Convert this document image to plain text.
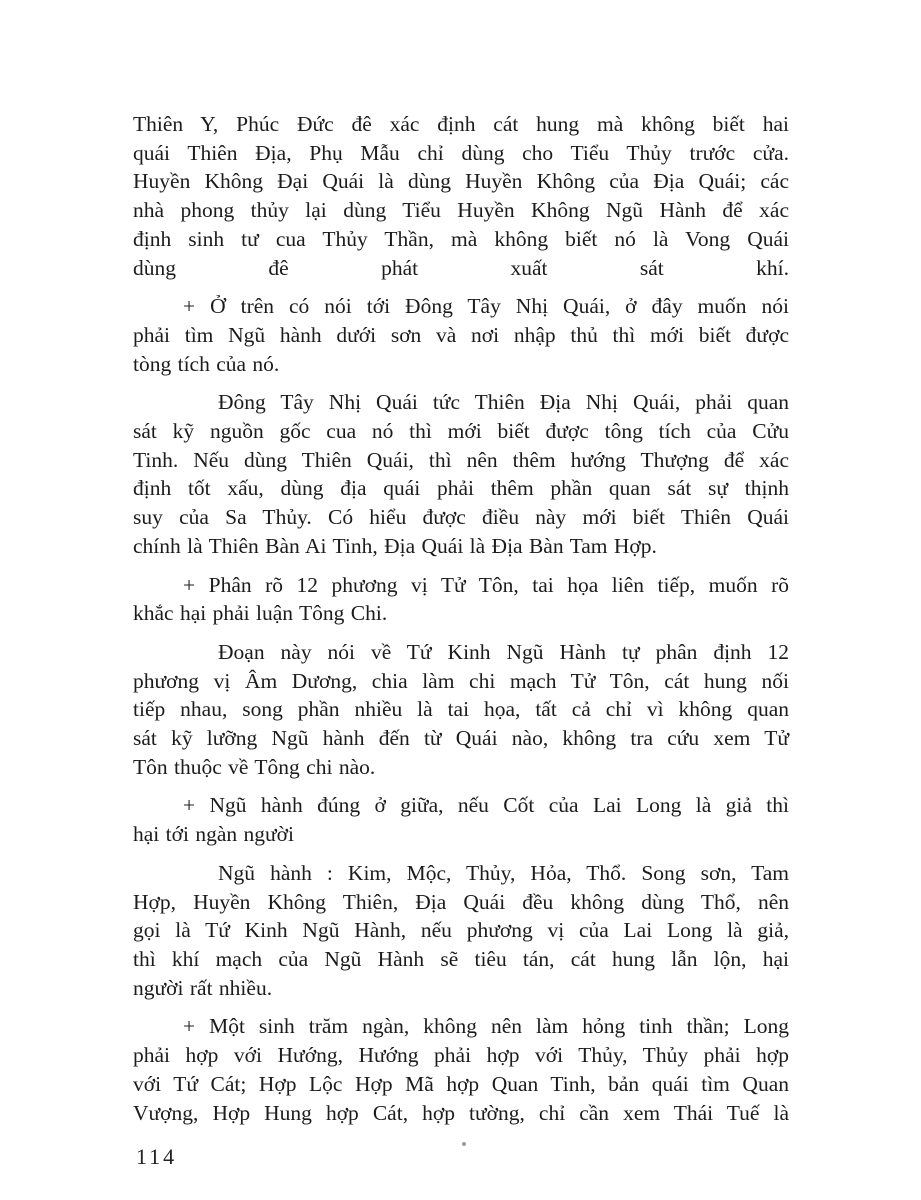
Thiên Y, Phúc Đức đê xác định cát hung mà không biết hai
quái Thiên Địa, Phụ Mẫu chỉ dùng cho Tiểu Thủy trước cửa.
Huyền Không Đại Quái là dùng Huyền Không của Địa Quái; các
nhà phong thủy lại dùng Tiểu Huyền Không Ngũ Hành để xác
định sinh tư cua Thủy Thần, mà không biết nó là Vong Quái
dùng đê phát xuất sát khí.
+ Ở trên có nói tới Đông Tây Nhị Quái, ở đây muốn nói
phải tìm Ngũ hành dưới sơn và nơi nhập thủ thì mới biết được
tòng tích của nó.
Đông Tây Nhị Quái tức Thiên Địa Nhị Quái, phải quan
sát kỹ nguồn gốc cua nó thì mới biết được tông tích của Cửu
Tinh. Nếu dùng Thiên Quái, thì nên thêm hướng Thượng để xác
định tốt xấu, dùng địa quái phải thêm phần quan sát sự thịnh
suy của Sa Thủy. Có hiểu được điều này mới biết Thiên Quái
chính là Thiên Bàn Ai Tinh, Địa Quái là Địa Bàn Tam Hợp.
+ Phân rõ 12 phương vị Tử Tôn, tai họa liên tiếp, muốn rõ
khắc hại phải luận Tông Chi.
Đoạn này nói về Tứ Kinh Ngũ Hành tự phân định 12
phương vị Âm Dương, chia làm chi mạch Tử Tôn, cát hung nối
tiếp nhau, song phần nhiều là tai họa, tất cả chỉ vì không quan
sát kỹ lưỡng Ngũ hành đến từ Quái nào, không tra cứu xem Tử
Tôn thuộc về Tông chi nào.
+ Ngũ hành đúng ở giữa, nếu Cốt của Lai Long là giả thì
hại tới ngàn người
Ngũ hành : Kim, Mộc, Thủy, Hỏa, Thổ. Song sơn, Tam
Hợp, Huyền Không Thiên, Địa Quái đều không dùng Thổ, nên
gọi là Tứ Kinh Ngũ Hành, nếu phương vị của Lai Long là giả,
thì khí mạch của Ngũ Hành sẽ tiêu tán, cát hung lẫn lộn, hại
người rất nhiều.
+ Một sinh trăm ngàn, không nên làm hỏng tinh thần; Long
phải hợp với Hướng, Hướng phải hợp với Thủy, Thủy phải hợp
với Tứ Cát; Hợp Lộc Hợp Mã hợp Quan Tinh, bản quái tìm Quan
Vượng, Hợp Hung hợp Cát, hợp tường, chỉ cần xem Thái Tuế là
114
